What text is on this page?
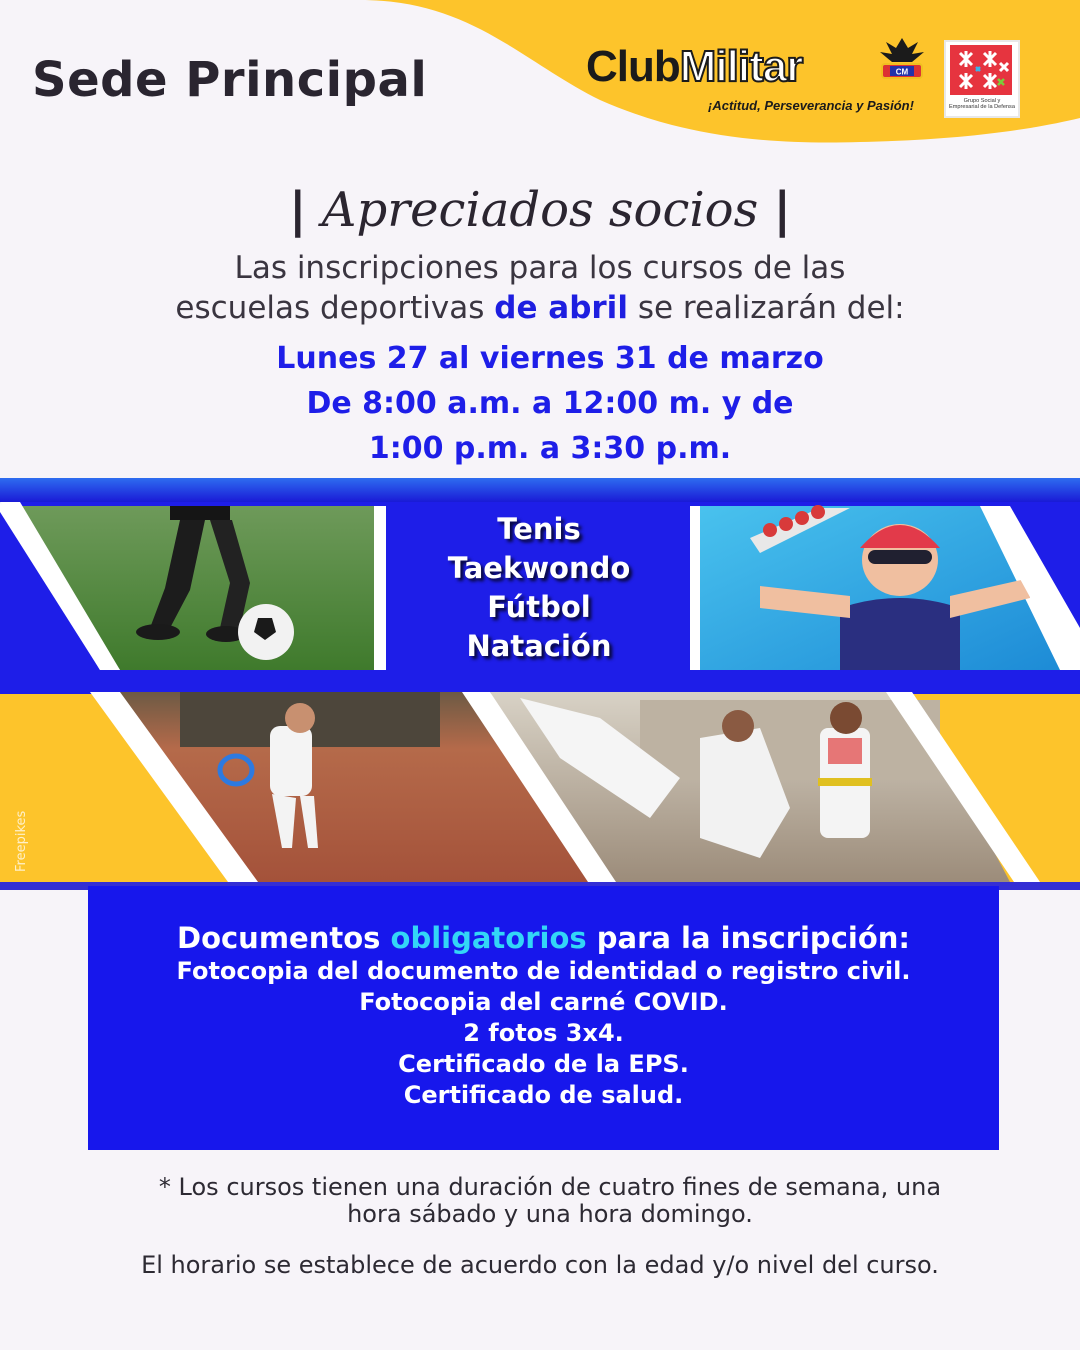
Sede Principal	ClubMilitar	CM
¡Actitud, Perseverancia y Pasión!	Grupo Social y Empresarial de la Defensa
| Apreciados socios |
Las inscripciones para los cursos de las
escuelas deportivas de abril se realizarán del:
Lunes 27 al viernes 31 de marzo
De 8:00 a.m. a 12:00 m. y de
1:00 p.m. a 3:30 p.m.
Tenis
Taekwondo
Fútbol
Natación
Freepikes
Documentos obligatorios para la inscripción:
Fotocopia del documento de identidad o registro civil.
Fotocopia del carné COVID.
2 fotos 3x4.
Certificado de la EPS.
Certificado de salud.
* Los cursos tienen una duración de cuatro fines de semana, una
hora sábado y una hora domingo.
El horario se establece de acuerdo con la edad y/o nivel del curso.
